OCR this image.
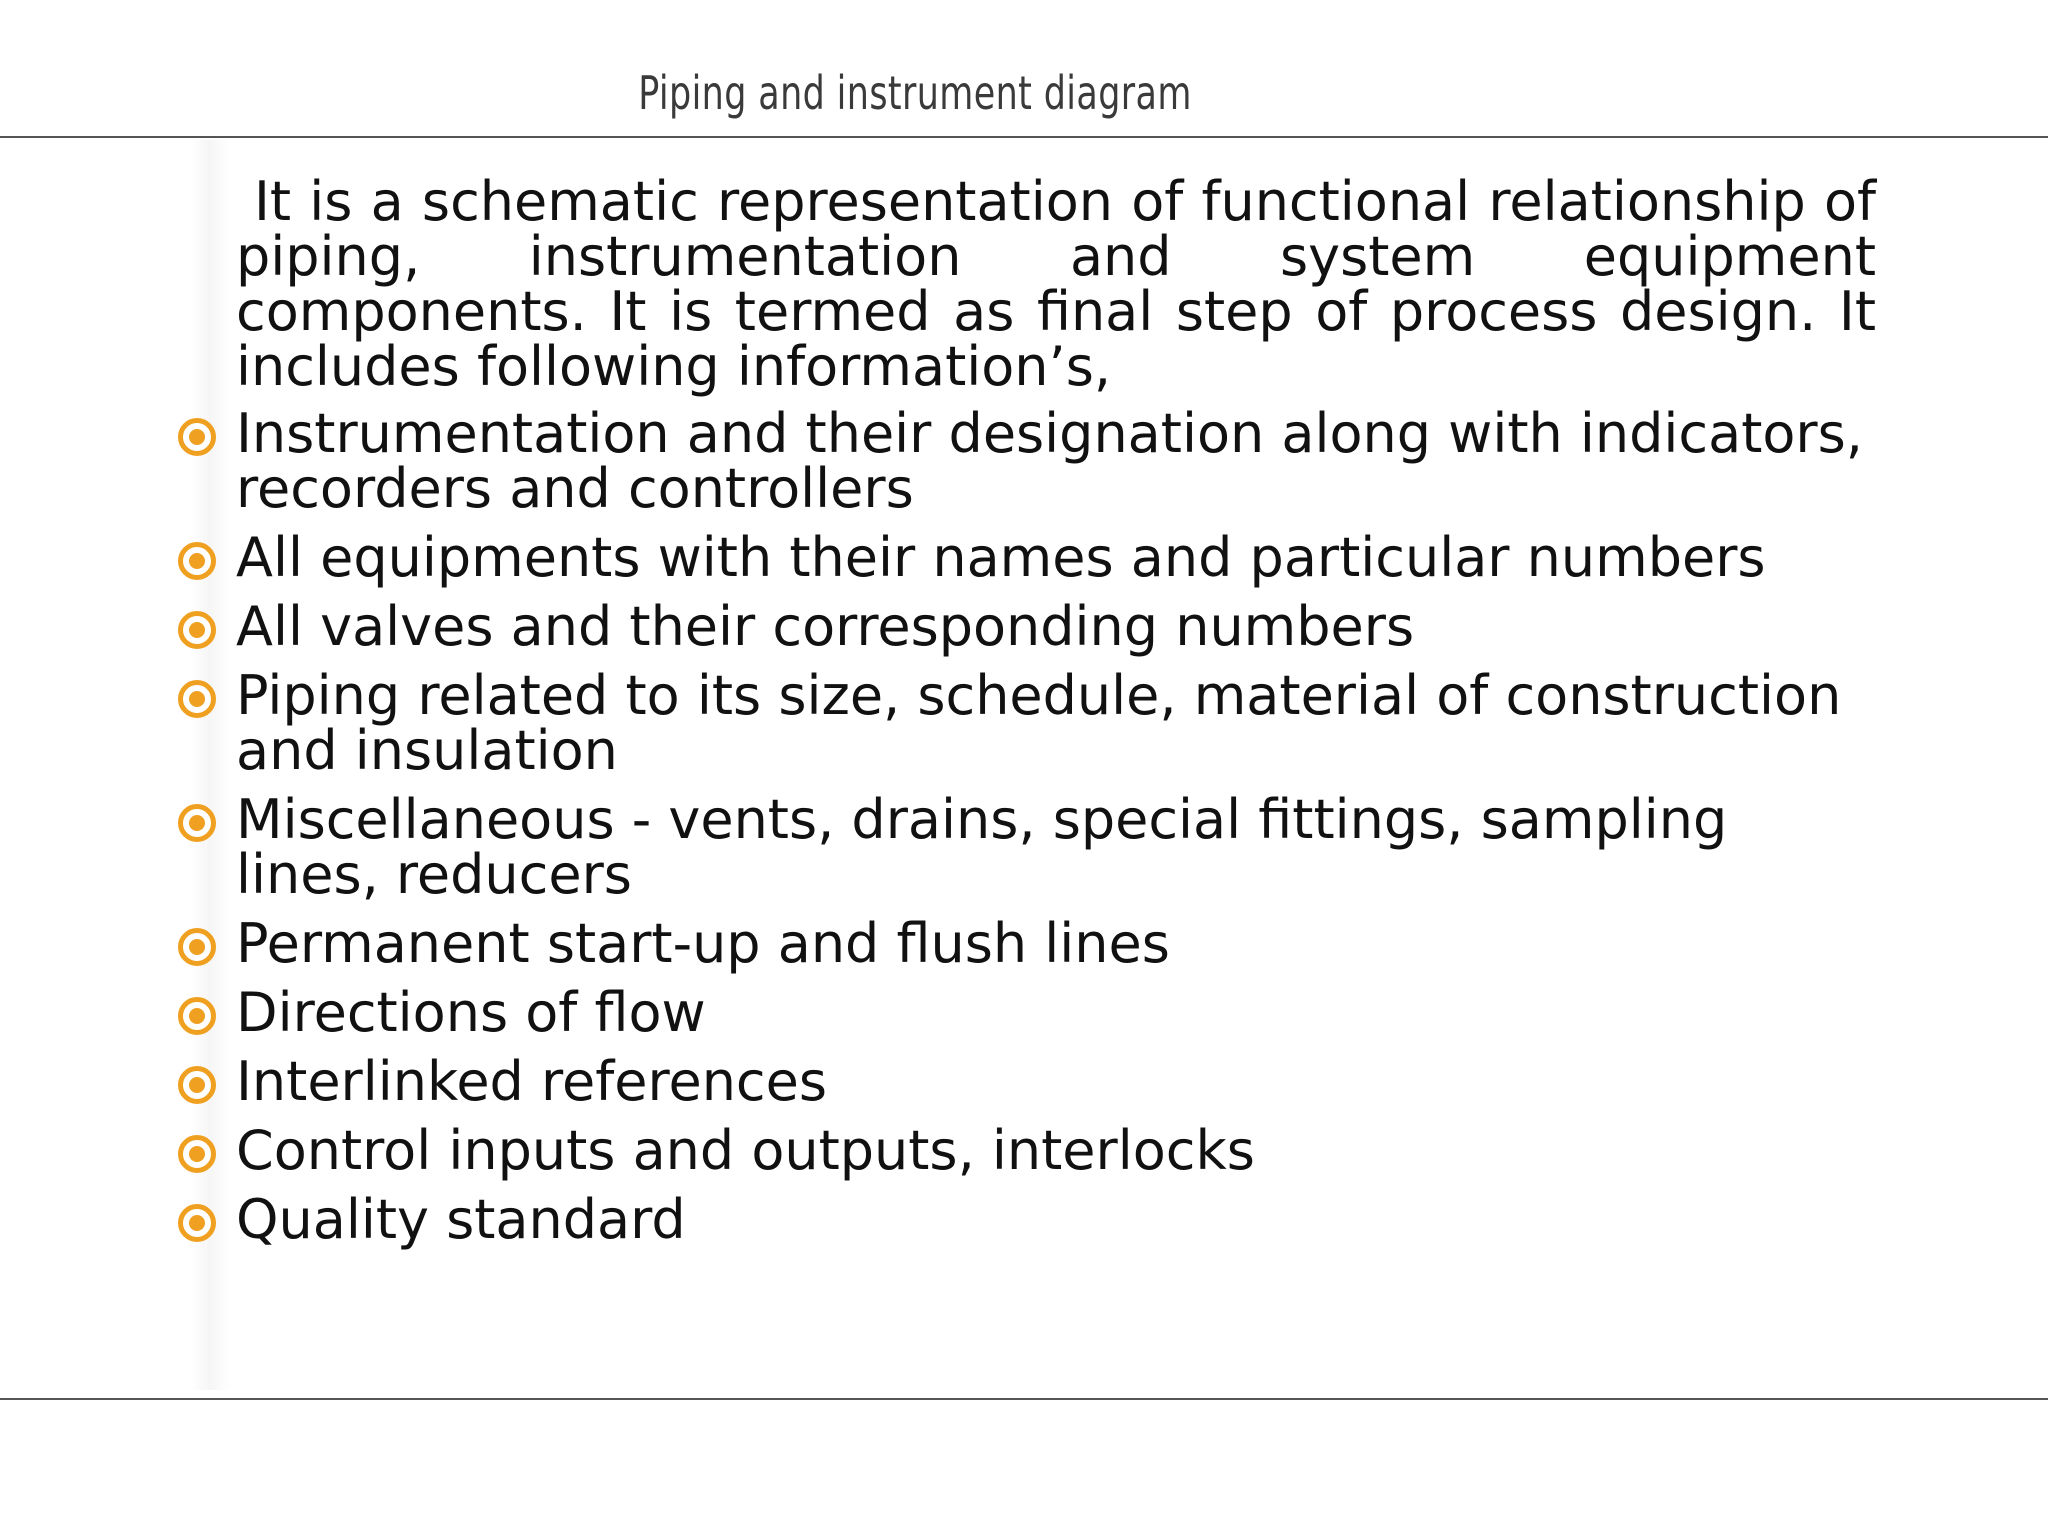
Piping and instrument diagram

It is a schematic representation of functional relationship of piping, instrumentation and system equipment components. It is termed as final step of process design. It includes following information’s,

Instrumentation and their designation along with indicators, recorders and controllers
All equipments with their names and particular numbers
All valves and their corresponding numbers
Piping related to its size, schedule, material of construction and insulation
Miscellaneous - vents, drains, special fittings, sampling lines, reducers
Permanent start-up and flush lines
Directions of flow
Interlinked references
Control inputs and outputs, interlocks
Quality standard
